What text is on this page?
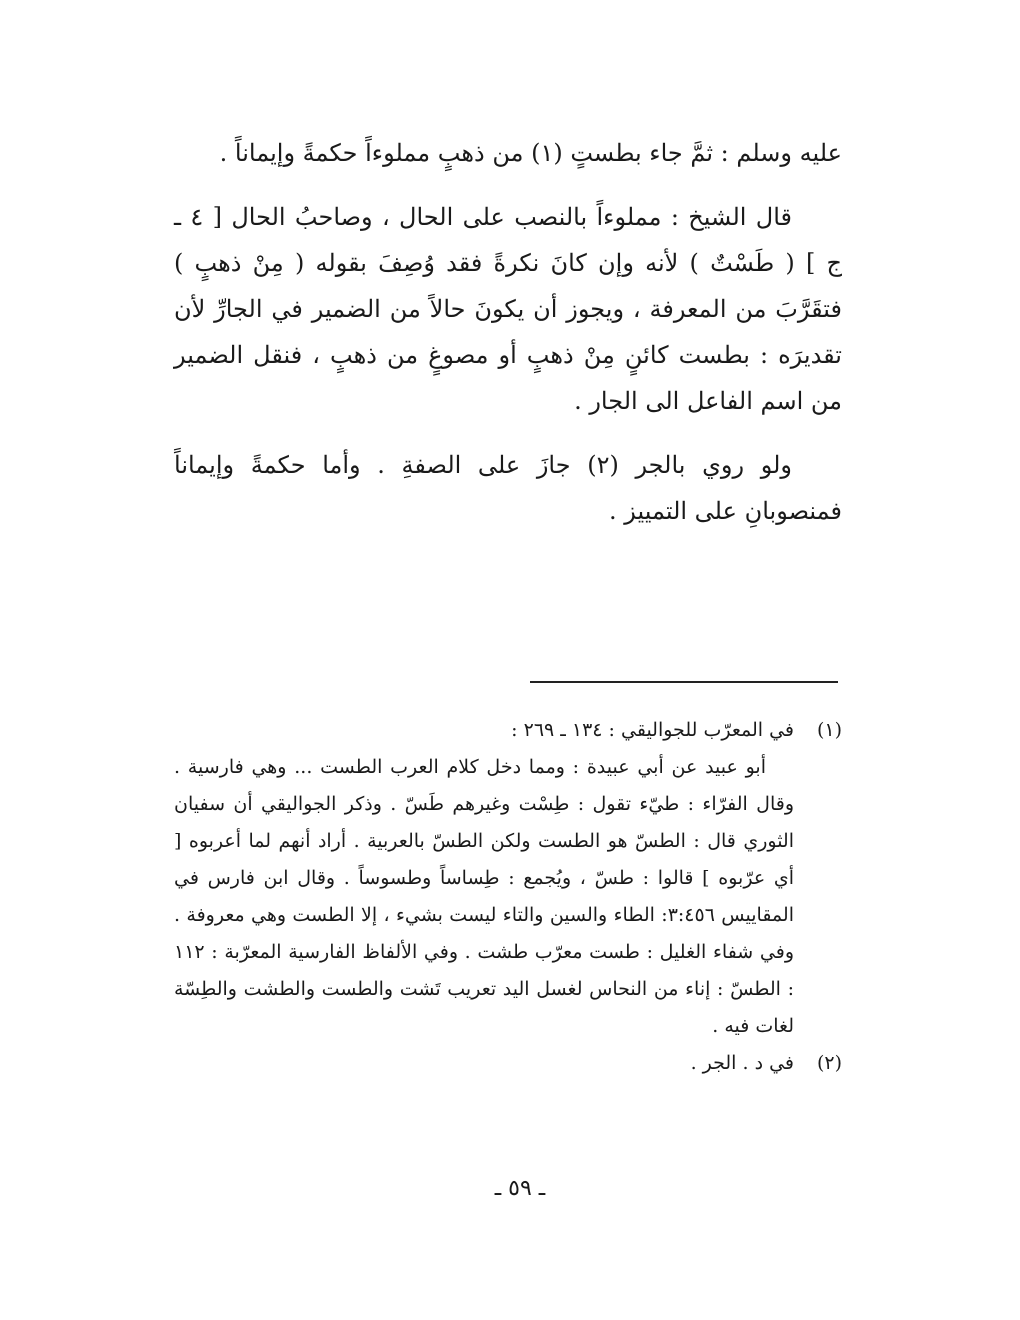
عليه وسلم : ثمَّ جاء بطستٍ (١) من ذهبٍ مملوءاً حكمةً وإيماناً .

قال الشيخ : مملوءاً بالنصب على الحال ، وصاحبُ الحال [ ٤ ـ ج ] ( طَسْتٌ ) لأنه وإن كانَ نكرةً فقد وُصِفَ بقوله ( مِنْ ذهبٍ ) فتقَرَّبَ من المعرفة ، ويجوز أن يكونَ حالاً من الضمير في الجارِّ لأن تقديرَه : بطست كائنٍ مِنْ ذهبٍ أو مصوغٍ من ذهبٍ ، فنقل الضمير من اسم الفاعل الى الجار .

ولو روي بالجر (٢) جازَ على الصفةِ . وأما حكمةً وإيماناً فمنصوبانِ على التمييز .

(١)
في المعرّب للجواليقي : ١٣٤ ـ ٢٦٩ :
أبو عبيد عن أبي عبيدة : ومما دخل كلام العرب الطست ... وهي فارسية . وقال الفرّاء : طيّء تقول : طِسْت وغيرهم طَسّ . وذكر الجواليقي أن سفيان الثوري قال : الطسّ هو الطست ولكن الطسّ بالعربية . أراد أنهم لما أعربوه [ أي عرّبوه ] قالوا : طسّ ، ويُجمع : طِساساً وطسوساً . وقال ابن فارس في المقاييس ٣:٤٥٦: الطاء والسين والتاء ليست بشيء ، إلا الطست وهي معروفة . وفي شفاء الغليل : طست معرّب طشت . وفي الألفاظ الفارسية المعرّبة : ١١٢ : الطسّ : إناء من النحاس لغسل اليد تعريب تَشت والطست والطشت والطِسّة لغات فيه .
(٢)
في د . الجر .
ـ ٥٩ ـ
